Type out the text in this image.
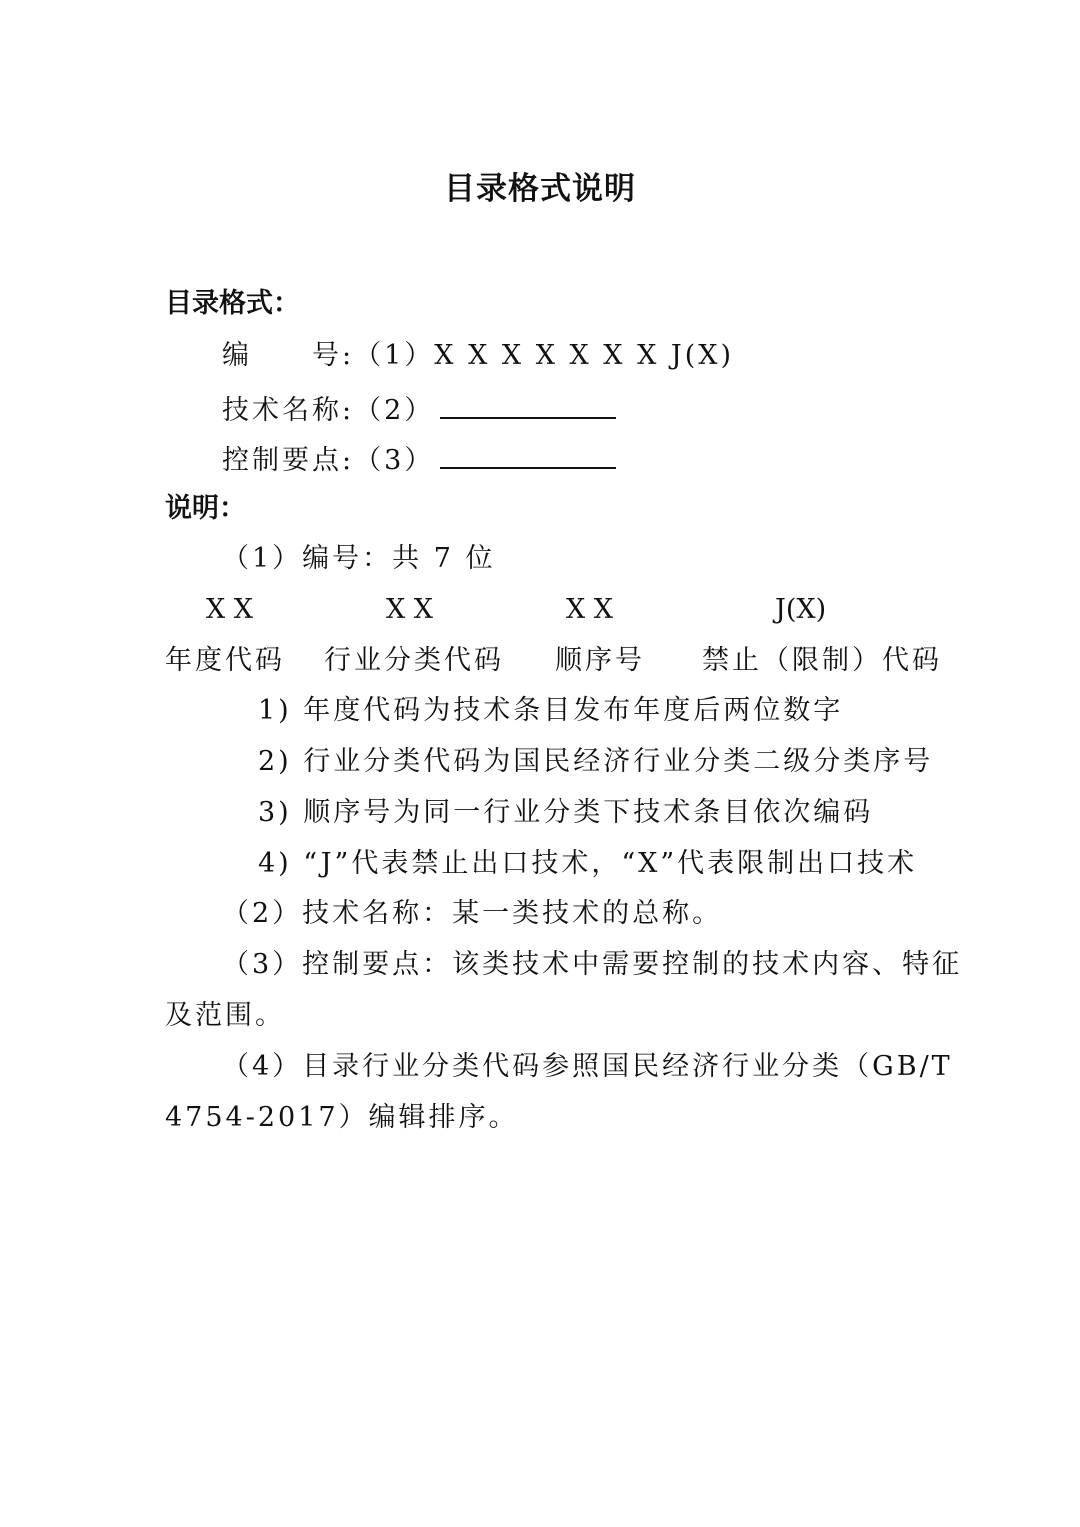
目录格式说明
目录格式：
编　　号:（1）X X X X X X X J(X)
技术名称:（2）
控制要点:（3）
说明：
（1）编号：共 7 位
X X	X X	X X	J(X)
年度代码 行业分类代码 顺序号 禁止（限制）代码
1) 年度代码为技术条目发布年度后两位数字
2) 行业分类代码为国民经济行业分类二级分类序号
3) 顺序号为同一行业分类下技术条目依次编码
4) “J”代表禁止出口技术，“X”代表限制出口技术
（2）技术名称：某一类技术的总称。
（3）控制要点：该类技术中需要控制的技术内容、特征
及范围。
（4）目录行业分类代码参照国民经济行业分类（GB/T
4754-2017）编辑排序。
